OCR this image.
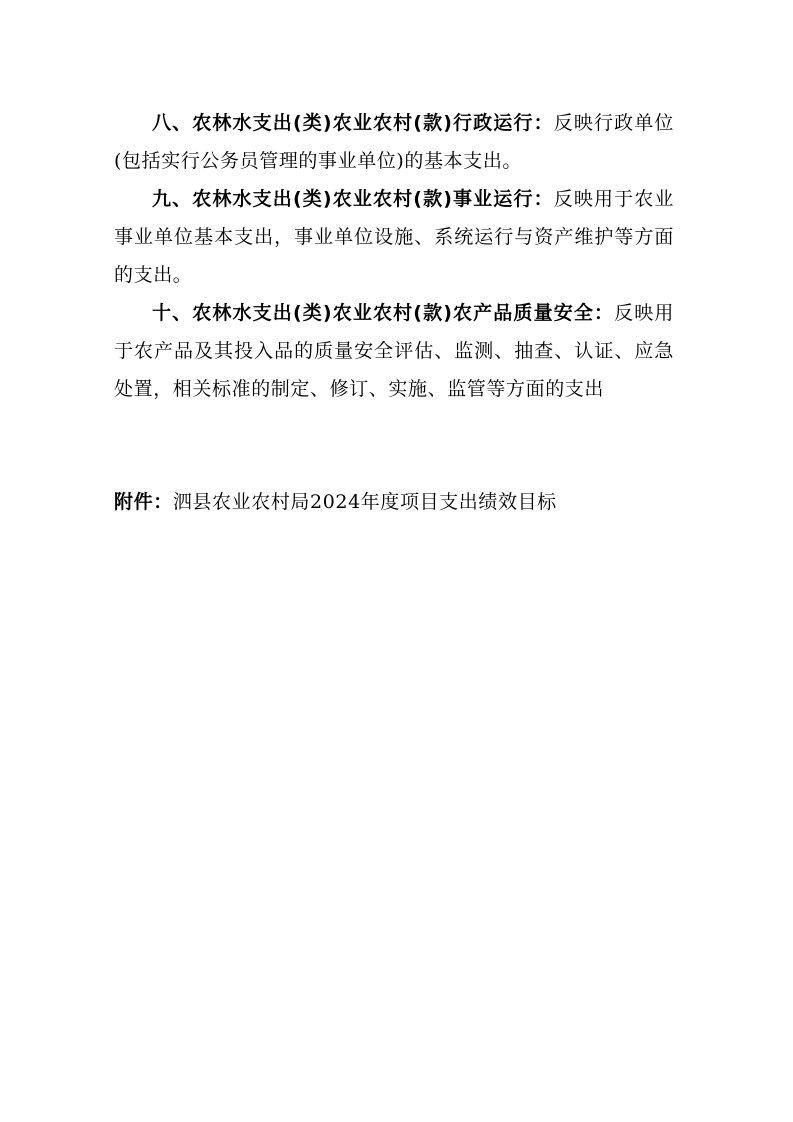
八、农林水支出(类)农业农村(款)行政运行：反映行政单位(包括实行公务员管理的事业单位)的基本支出。

九、农林水支出(类)农业农村(款)事业运行：反映用于农业事业单位基本支出，事业单位设施、系统运行与资产维护等方面的支出。

十、农林水支出(类)农业农村(款)农产品质量安全：反映用于农产品及其投入品的质量安全评估、监测、抽查、认证、应急处置，相关标准的制定、修订、实施、监管等方面的支出

附件：泗县农业农村局2024年度项目支出绩效目标
